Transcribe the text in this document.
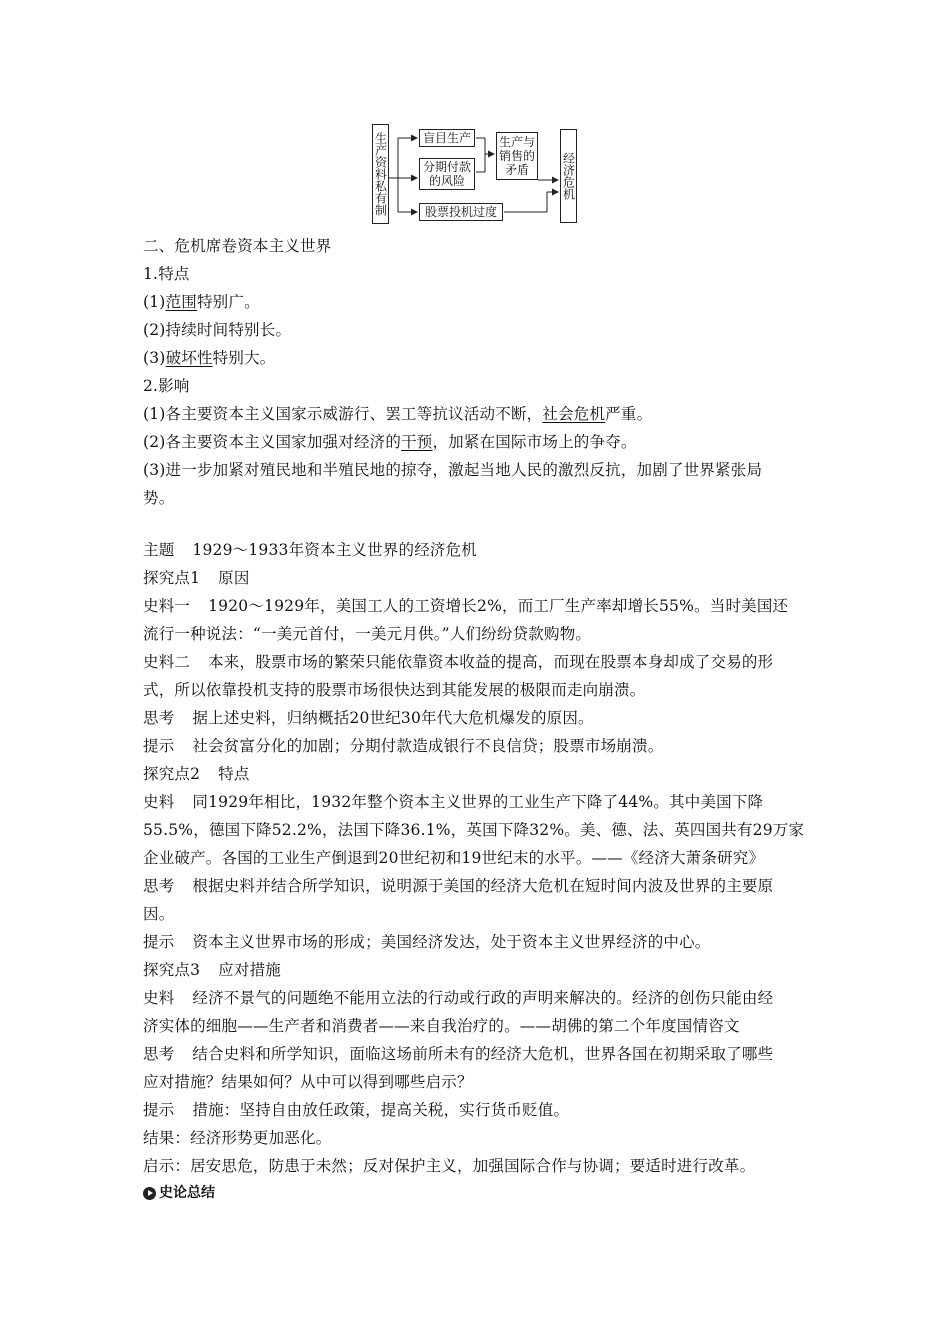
生产资料私有制	盲目生产
分期付款的风险
股票投机过度
生产与销售的矛盾	经济危机
二、危机席卷资本主义世界
1.特点
(1)范围特别广。
(2)持续时间特别长。
(3)破坏性特别大。
2.影响
(1)各主要资本主义国家示威游行、罢工等抗议活动不断，社会危机严重。
(2)各主要资本主义国家加强对经济的干预，加紧在国际市场上的争夺。
(3)进一步加紧对殖民地和半殖民地的掠夺，激起当地人民的激烈反抗，加剧了世界紧张局
势。
主题 1929～1933年资本主义世界的经济危机
探究点1 原因
史料一 1920～1929年，美国工人的工资增长2%，而工厂生产率却增长55%。当时美国还
流行一种说法：“一美元首付，一美元月供。”人们纷纷贷款购物。
史料二 本来，股票市场的繁荣只能依靠资本收益的提高，而现在股票本身却成了交易的形
式，所以依靠投机支持的股票市场很快达到其能发展的极限而走向崩溃。
思考 据上述史料，归纳概括20世纪30年代大危机爆发的原因。
提示 社会贫富分化的加剧；分期付款造成银行不良信贷；股票市场崩溃。
探究点2 特点
史料 同1929年相比，1932年整个资本主义世界的工业生产下降了44%。其中美国下降
55.5%，德国下降52.2%，法国下降36.1%，英国下降32%。美、德、法、英四国共有29万家
企业破产。各国的工业生产倒退到20世纪初和19世纪末的水平。——《经济大萧条研究》
思考 根据史料并结合所学知识，说明源于美国的经济大危机在短时间内波及世界的主要原
因。
提示 资本主义世界市场的形成；美国经济发达，处于资本主义世界经济的中心。
探究点3 应对措施
史料 经济不景气的问题绝不能用立法的行动或行政的声明来解决的。经济的创伤只能由经
济实体的细胞——生产者和消费者——来自我治疗的。——胡佛的第二个年度国情咨文
思考 结合史料和所学知识，面临这场前所未有的经济大危机，世界各国在初期采取了哪些
应对措施？结果如何？从中可以得到哪些启示？
提示 措施：坚持自由放任政策，提高关税，实行货币贬值。
结果：经济形势更加恶化。
启示：居安思危，防患于未然；反对保护主义，加强国际合作与协调；要适时进行改革。
史论总结
